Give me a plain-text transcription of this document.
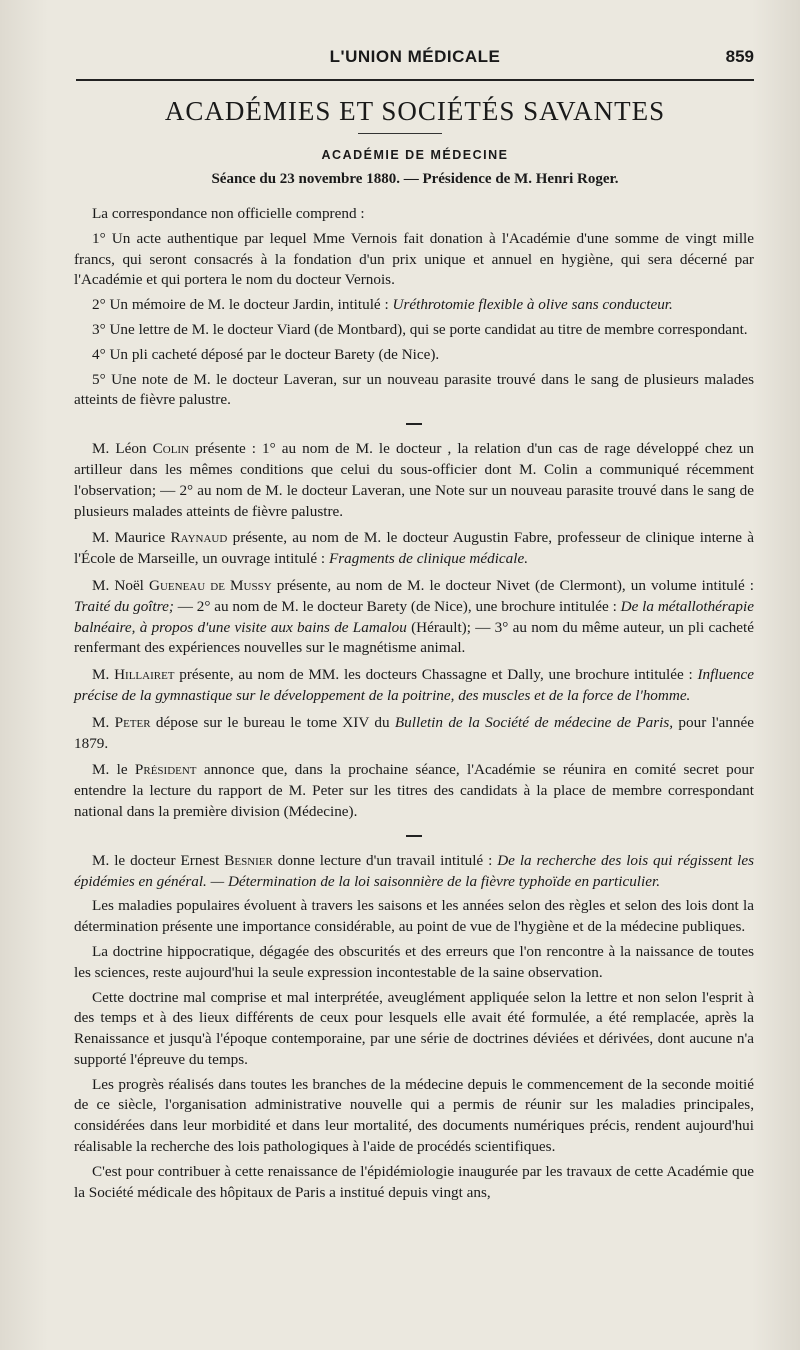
L'UNION MÉDICALE	859
ACADÉMIES ET SOCIÉTÉS SAVANTES
ACADÉMIE DE MÉDECINE
Séance du 23 novembre 1880. — Présidence de M. Henri Roger.

La correspondance non officielle comprend :

1° Un acte authentique par lequel Mme Vernois fait donation à l'Académie d'une somme de vingt mille francs, qui seront consacrés à la fondation d'un prix unique et annuel en hygiène, qui sera décerné par l'Académie et qui portera le nom du docteur Vernois.

2° Un mémoire de M. le docteur Jardin, intitulé : Uréthrotomie flexible à olive sans conducteur.

3° Une lettre de M. le docteur Viard (de Montbard), qui se porte candidat au titre de membre correspondant.

4° Un pli cacheté déposé par le docteur Barety (de Nice).

5° Une note de M. le docteur Laveran, sur un nouveau parasite trouvé dans le sang de plusieurs malades atteints de fièvre palustre.

M. Léon Colin présente : 1° au nom de M. le docteur , la relation d'un cas de rage développé chez un artilleur dans les mêmes conditions que celui du sous-officier dont M. Colin a communiqué récemment l'observation; — 2° au nom de M. le docteur Laveran, une Note sur un nouveau parasite trouvé dans le sang de plusieurs malades atteints de fièvre palustre.

M. Maurice Raynaud présente, au nom de M. le docteur Augustin Fabre, professeur de clinique interne à l'École de Marseille, un ouvrage intitulé : Fragments de clinique médicale.

M. Noël Gueneau de Mussy présente, au nom de M. le docteur Nivet (de Clermont), un volume intitulé : Traité du goître; — 2° au nom de M. le docteur Barety (de Nice), une brochure intitulée : De la métallothérapie balnéaire, à propos d'une visite aux bains de Lamalou (Hérault); — 3° au nom du même auteur, un pli cacheté renfermant des expériences nouvelles sur le magnétisme animal.

M. Hillairet présente, au nom de MM. les docteurs Chassagne et Dally, une brochure intitulée : Influence précise de la gymnastique sur le développement de la poitrine, des muscles et de la force de l'homme.

M. Peter dépose sur le bureau le tome XIV du Bulletin de la Société de médecine de Paris, pour l'année 1879.

M. le Président annonce que, dans la prochaine séance, l'Académie se réunira en comité secret pour entendre la lecture du rapport de M. Peter sur les titres des candidats à la place de membre correspondant national dans la première division (Médecine).

M. le docteur Ernest Besnier donne lecture d'un travail intitulé : De la recherche des lois qui régissent les épidémies en général. — Détermination de la loi saisonnière de la fièvre typhoïde en particulier.

Les maladies populaires évoluent à travers les saisons et les années selon des règles et selon des lois dont la détermination présente une importance considérable, au point de vue de l'hygiène et de la médecine publiques.

La doctrine hippocratique, dégagée des obscurités et des erreurs que l'on rencontre à la naissance de toutes les sciences, reste aujourd'hui la seule expression incontestable de la saine observation.

Cette doctrine mal comprise et mal interprétée, aveuglément appliquée selon la lettre et non selon l'esprit à des temps et à des lieux différents de ceux pour lesquels elle avait été formulée, a été remplacée, après la Renaissance et jusqu'à l'époque contemporaine, par une série de doctrines déviées et dérivées, dont aucune n'a supporté l'épreuve du temps.

Les progrès réalisés dans toutes les branches de la médecine depuis le commencement de la seconde moitié de ce siècle, l'organisation administrative nouvelle qui a permis de réunir sur les maladies principales, considérées dans leur morbidité et dans leur mortalité, des documents numériques précis, rendent aujourd'hui réalisable la recherche des lois pathologiques à l'aide de procédés scientifiques.

C'est pour contribuer à cette renaissance de l'épidémiologie inaugurée par les travaux de cette Académie que la Société médicale des hôpitaux de Paris a institué depuis vingt ans,
